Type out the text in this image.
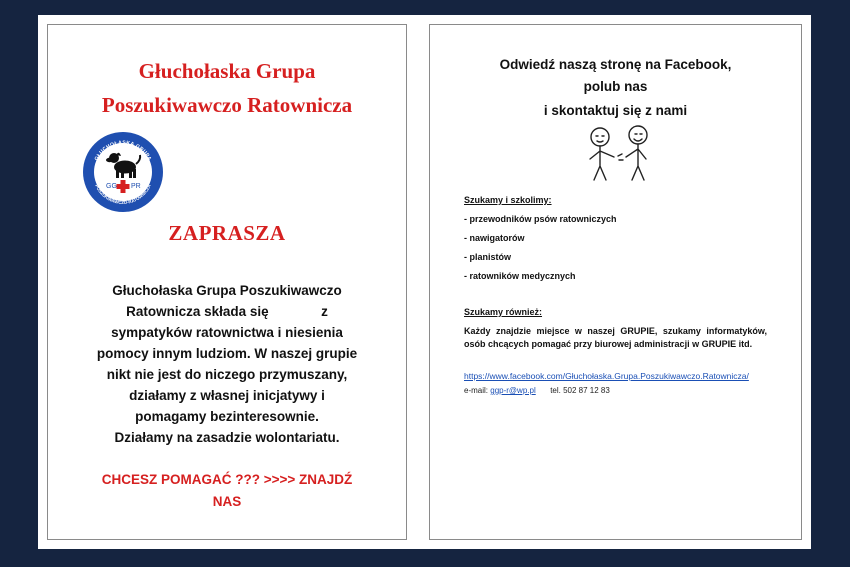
Głuchołaska Grupa
Poszukiwawczo Ratownicza
GŁUCHOŁASKA GRUPA
POSZUKIWAWCZO-RATOWNICZA
GG PR
ZAPRASZA
Głuchołaska Grupa Poszukiwawczo
Ratownicza składa się              z
sympatyków ratownictwa i niesienia
pomocy innym ludziom. W naszej grupie
nikt nie jest do niczego przymuszany,
działamy z własnej inicjatywy i
pomagamy bezinteresownie.
Działamy na zasadzie wolontariatu.
CHCESZ POMAGAĆ ??? >>>> ZNAJDŹ
NAS
Odwiedź naszą stronę na Facebook,
polub nas
i skontaktuj się z nami
Szukamy i szkolimy:
- przewodników psów ratowniczych
- nawigatorów
- planistów
- ratowników medycznych
Szukamy również:
Każdy znajdzie miejsce w naszej GRUPIE, szukamy informatyków, osób chcących pomagać przy biurowej administracji w GRUPIE itd.
https://www.facebook.com/Głuchołaska.Grupa.Poszukiwawczo.Ratownicza/
e-mail: ggp-r@wp.pl tel. 502 87 12 83
